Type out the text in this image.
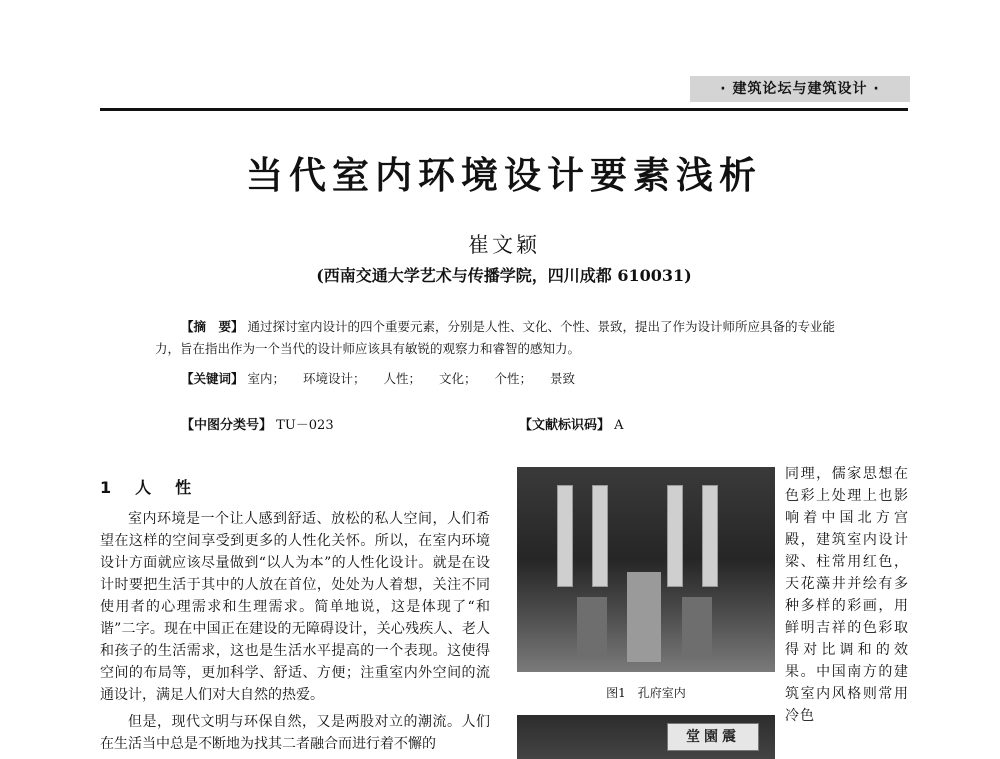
· 建筑论坛与建筑设计 ·
当代室内环境设计要素浅析
崔文颖
(西南交通大学艺术与传播学院，四川成都 610031)
【摘　要】 通过探讨室内设计的四个重要元素，分别是人性、文化、个性、景致，提出了作为设计师所应具备的专业能力，旨在指出作为一个当代的设计师应该具有敏锐的观察力和睿智的感知力。
【关键词】 室内； 环境设计； 人性； 文化； 个性； 景致
【中图分类号】 TU－023	【文献标识码】 A
1　人　性

室内环境是一个让人感到舒适、放松的私人空间，人们希望在这样的空间享受到更多的人性化关怀。所以，在室内环境设计方面就应该尽量做到“以人为本”的人性化设计。就是在设计时要把生活于其中的人放在首位，处处为人着想，关注不同使用者的心理需求和生理需求。简单地说，这是体现了“和谐”二字。现在中国正在建设的无障碍设计，关心残疾人、老人和孩子的生活需求，这也是生活水平提高的一个表现。这使得空间的布局等，更加科学、舒适、方便；注重室内外空间的流通设计，满足人们对大自然的热爱。

但是，现代文明与环保自然，又是两股对立的潮流。人们在生活当中总是不断地为找其二者融合而进行着不懈的

图1　孔府室内
堂園震
同理，儒家思想在色彩上处理上也影响着中国北方宫殿，建筑室内设计梁、柱常用红色，天花藻井并绘有多种多样的彩画，用鲜明吉祥的色彩取得对比调和的效果。中国南方的建筑室内风格则常用冷色
